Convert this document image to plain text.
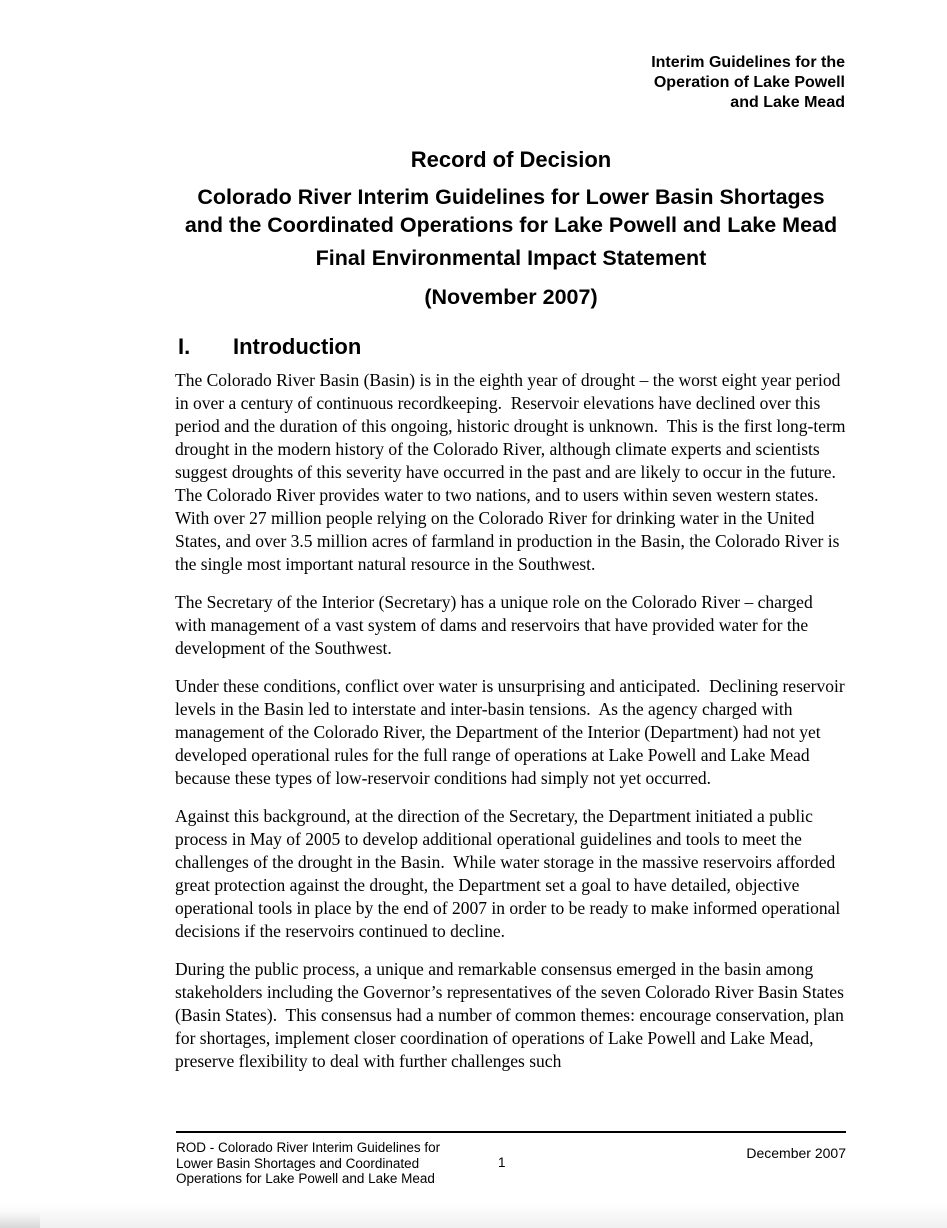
Interim Guidelines for the
Operation of Lake Powell
and Lake Mead
Record of Decision
Colorado River Interim Guidelines for Lower Basin Shortages
and the Coordinated Operations for Lake Powell and Lake Mead
Final Environmental Impact Statement
(November 2007)
I. Introduction

The Colorado River Basin (Basin) is in the eighth year of drought – the worst eight year period in over a century of continuous recordkeeping.  Reservoir elevations have declined over this period and the duration of this ongoing, historic drought is unknown.  This is the first long-term drought in the modern history of the Colorado River, although climate experts and scientists suggest droughts of this severity have occurred in the past and are likely to occur in the future.  The Colorado River provides water to two nations, and to users within seven western states.  With over 27 million people relying on the Colorado River for drinking water in the United States, and over 3.5 million acres of farmland in production in the Basin, the Colorado River is the single most important natural resource in the Southwest.

The Secretary of the Interior (Secretary) has a unique role on the Colorado River – charged with management of a vast system of dams and reservoirs that have provided water for the development of the Southwest.

Under these conditions, conflict over water is unsurprising and anticipated.  Declining reservoir levels in the Basin led to interstate and inter-basin tensions.  As the agency charged with management of the Colorado River, the Department of the Interior (Department) had not yet developed operational rules for the full range of operations at Lake Powell and Lake Mead because these types of low-reservoir conditions had simply not yet occurred.

Against this background, at the direction of the Secretary, the Department initiated a public process in May of 2005 to develop additional operational guidelines and tools to meet the challenges of the drought in the Basin.  While water storage in the massive reservoirs afforded great protection against the drought, the Department set a goal to have detailed, objective operational tools in place by the end of 2007 in order to be ready to make informed operational decisions if the reservoirs continued to decline.

During the public process, a unique and remarkable consensus emerged in the basin among stakeholders including the Governor’s representatives of the seven Colorado River Basin States (Basin States).  This consensus had a number of common themes: encourage conservation, plan for shortages, implement closer coordination of operations of Lake Powell and Lake Mead, preserve flexibility to deal with further challenges such

ROD - Colorado River Interim Guidelines for
Lower Basin Shortages and Coordinated
Operations for Lake Powell and Lake Mead
1
December 2007
